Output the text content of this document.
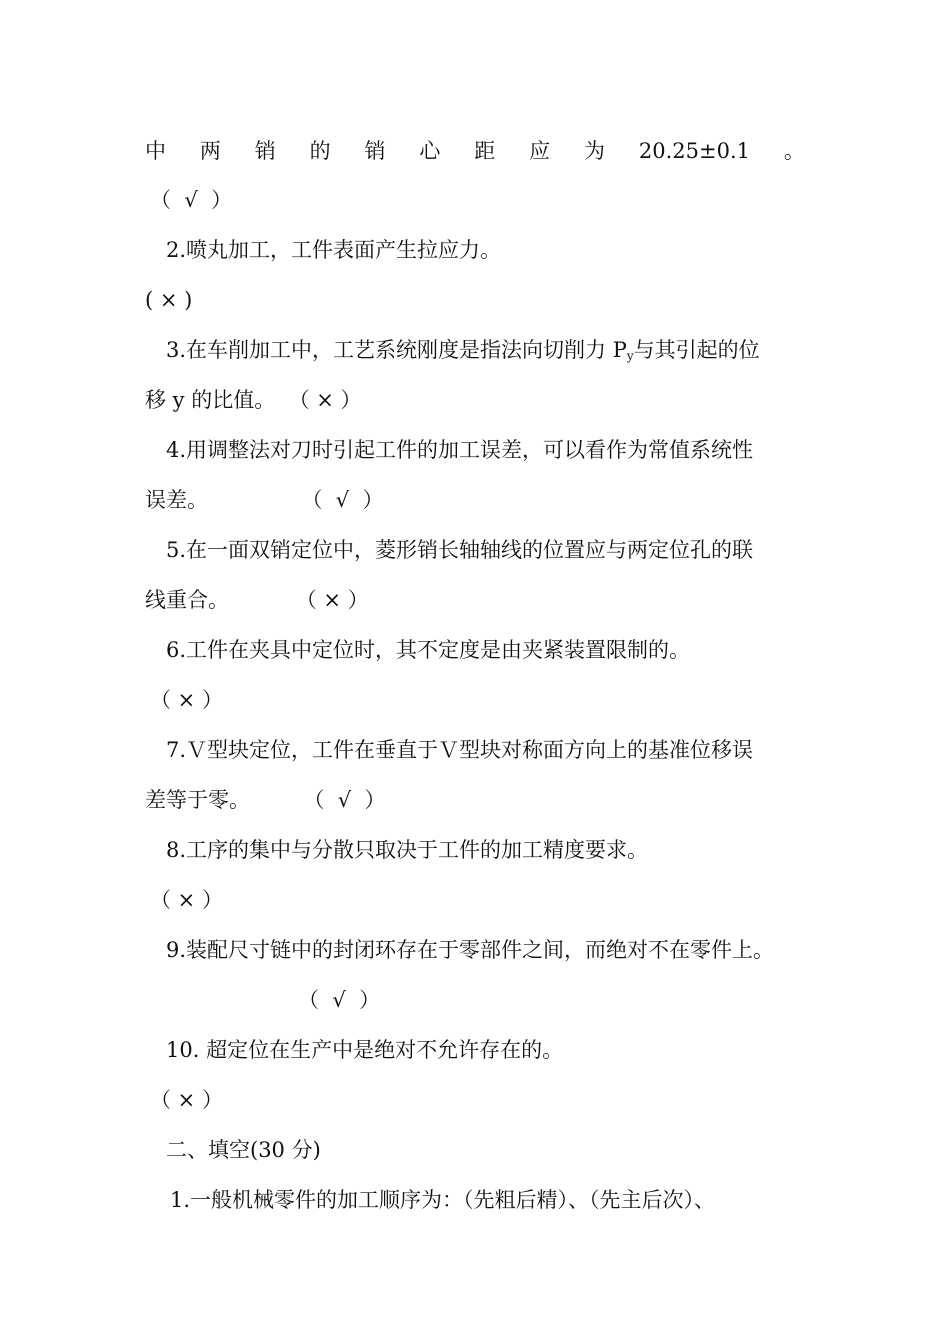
中 两 销 的 销 心 距 应 为 20.25±0.1 。
（  √  ）
2.喷丸加工，工件表面产生拉应力。
( × )
3.在车削加工中，工艺系统刚度是指法向切削力 $P_y$与其引起的位
移 y 的比值。  （ × ）
4.用调整法对刀时引起工件的加工误差，可以看作为常值系统性
误差。              （  √  ）
5.在一面双销定位中，菱形销长轴轴线的位置应与两定位孔的联
线重合。          （ × ）
6.工件在夹具中定位时，其不定度是由夹紧装置限制的。
（ × ）
7.Ｖ型块定位，工件在垂直于Ｖ型块对称面方向上的基准位移误
差等于零。        （  √  ）
8.工序的集中与分散只取决于工件的加工精度要求。
（ × ）
9.装配尺寸链中的封闭环存在于零部件之间，而绝对不在零件上。
（  √  ）
10. 超定位在生产中是绝对不允许存在的。
（ × ）
二、填空(30 分)
1.一般机械零件的加工顺序为：（先粗后精）、（先主后次）、
